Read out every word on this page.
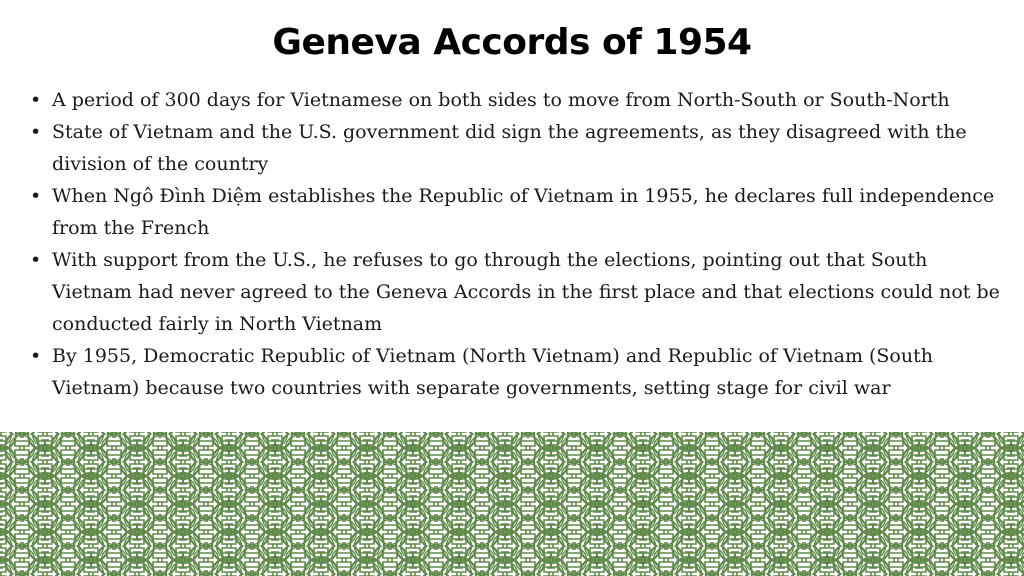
Geneva Accords of 1954
• A period of 300 days for Vietnamese on both sides to move from North-South or South-North
• State of Vietnam and the U.S. government did sign the agreements, as they disagreed with the division of the country
• When Ngô Đình Diệm establishes the Republic of Vietnam in 1955, he declares full independence from the French
• With support from the U.S., he refuses to go through the elections, pointing out that South Vietnam had never agreed to the Geneva Accords in the first place and that elections could not be conducted fairly in North Vietnam
• By 1955, Democratic Republic of Vietnam (North Vietnam) and Republic of Vietnam (South Vietnam) because two countries with separate governments, setting stage for civil war
